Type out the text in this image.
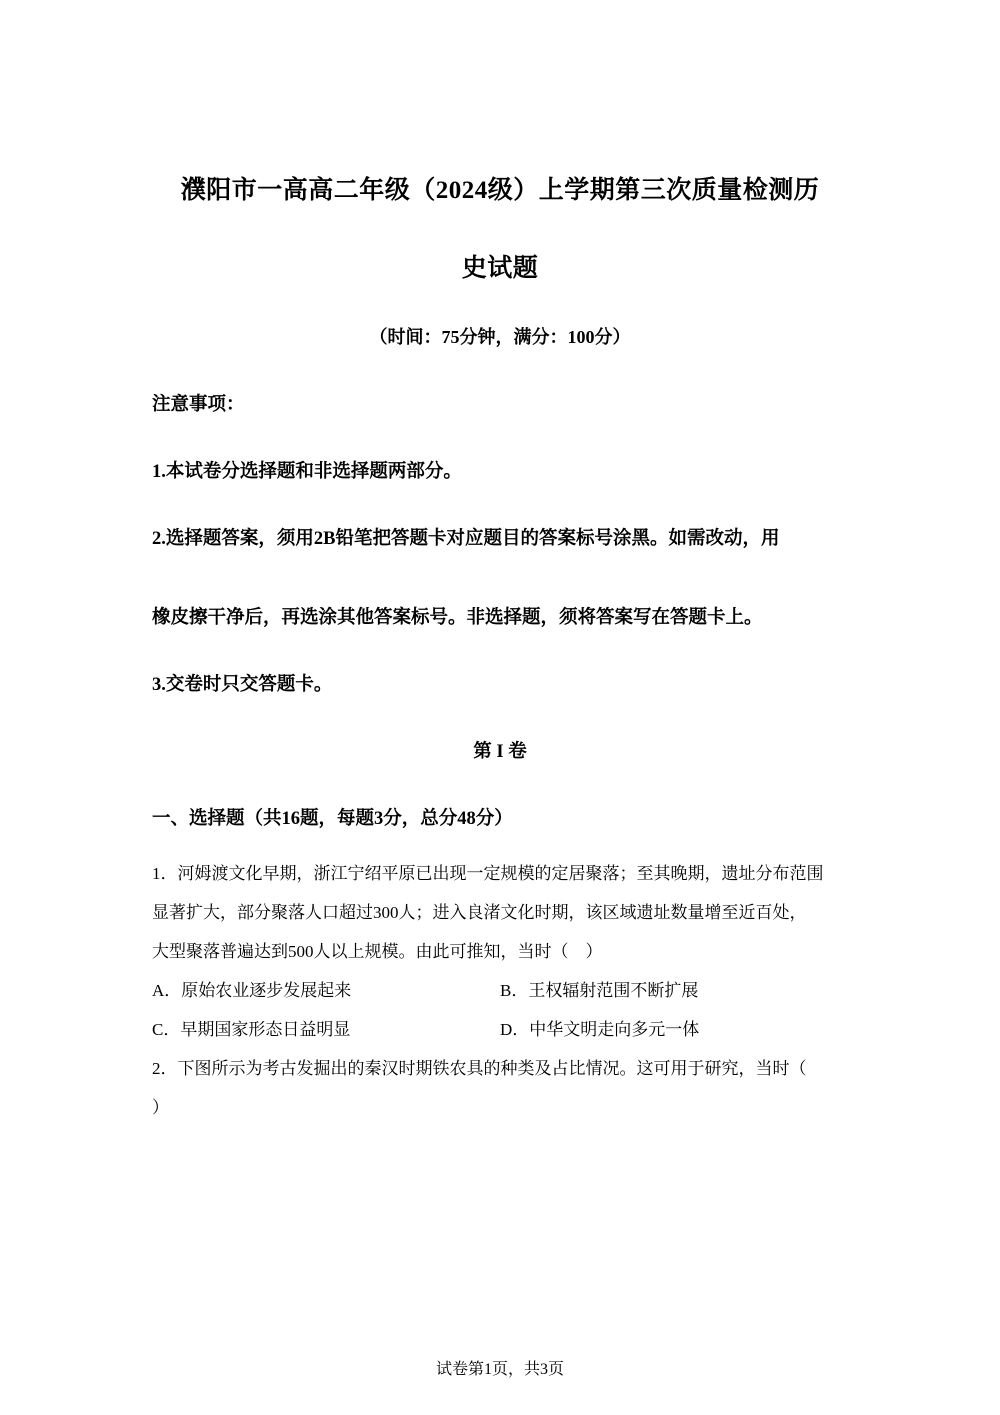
濮阳市一高高二年级（2024级）上学期第三次质量检测历
史试题
（时间：75分钟，满分：100分）
注意事项：
1.本试卷分选择题和非选择题两部分。
2.选择题答案，须用2B铅笔把答题卡对应题目的答案标号涂黑。如需改动，用
橡皮擦干净后，再选涂其他答案标号。非选择题，须将答案写在答题卡上。
3.交卷时只交答题卡。
第 I 卷
一、选择题（共16题，每题3分，总分48分）
1．河姆渡文化早期，浙江宁绍平原已出现一定规模的定居聚落；至其晚期，遗址分布范围
显著扩大，部分聚落人口超过300人；进入良渚文化时期，该区域遗址数量增至近百处，
大型聚落普遍达到500人以上规模。由此可推知，当时（　）
A．原始农业逐步发展起来	B．王权辐射范围不断扩展
C．早期国家形态日益明显	D．中华文明走向多元一体
2．下图所示为考古发掘出的秦汉时期铁农具的种类及占比情况。这可用于研究，当时（
）
试卷第1页，共3页
